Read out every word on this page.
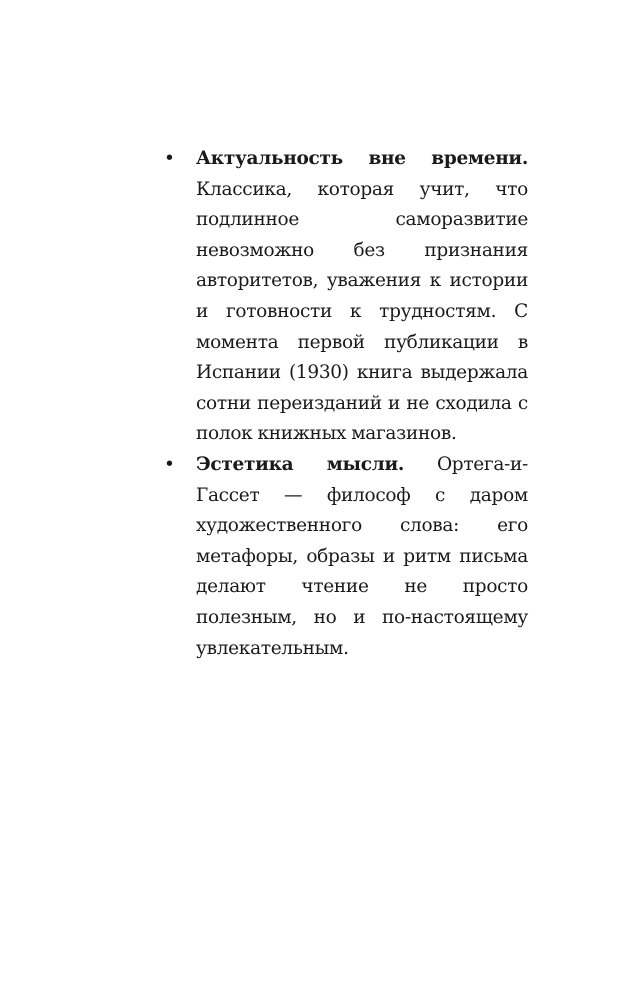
• Актуальность вне времени. Классика, которая учит, что подлинное саморазвитие невозможно без признания авторитетов, уважения к истории и готовности к трудностям. С момента первой публикации в Испании (1930) книга выдержала сотни переизданий и не сходила с полок книжных магазинов.
• Эстетика мысли. Ортега-и-Гассет — философ с даром художественного слова: его метафоры, образы и ритм письма делают чтение не просто полезным, но и по-настоящему увлекательным.
